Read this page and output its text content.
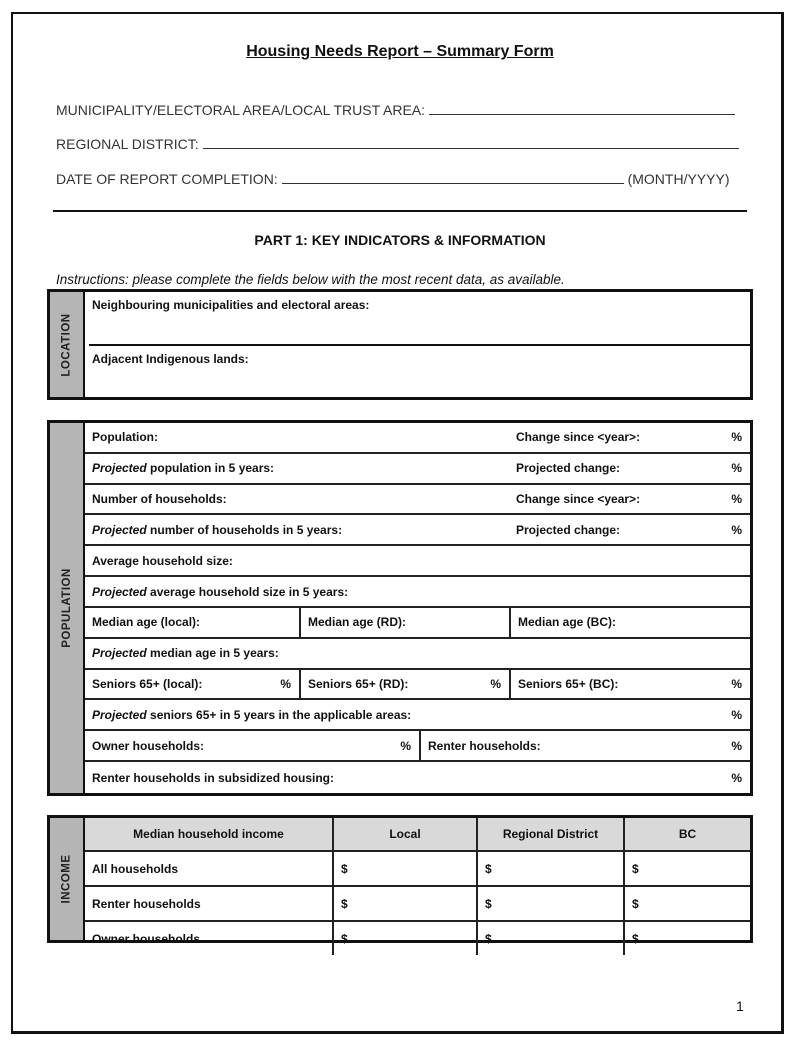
Housing Needs Report – Summary Form
MUNICIPALITY/ELECTORAL AREA/LOCAL TRUST AREA:
REGIONAL DISTRICT:
DATE OF REPORT COMPLETION:	(MONTH/YYYY)
PART 1: KEY INDICATORS & INFORMATION
Instructions: please complete the fields below with the most recent data, as available.
LOCATION
Neighbouring municipalities and electoral areas:
Adjacent Indigenous lands:
POPULATION
Population:	Change since <year>:	%
Projected population in 5 years:	Projected change:	%
Number of households:	Change since <year>:	%
Projected number of households in 5 years:	Projected change:	%
Average household size:
Projected average household size in 5 years:
Median age (local):	Median age (RD):	Median age (BC):
Projected median age in 5 years:
Seniors 65+ (local):	% Seniors 65+ (RD):	% Seniors 65+ (BC):	%
Projected seniors 65+ in 5 years in the applicable areas:	%
Owner households:	% Renter households:	%
Renter households in subsidized housing:	%
INCOME
Median household income	Local	Regional District	BC
All households	$	$	$
Renter households	$	$	$
Owner households	$	$	$
1
